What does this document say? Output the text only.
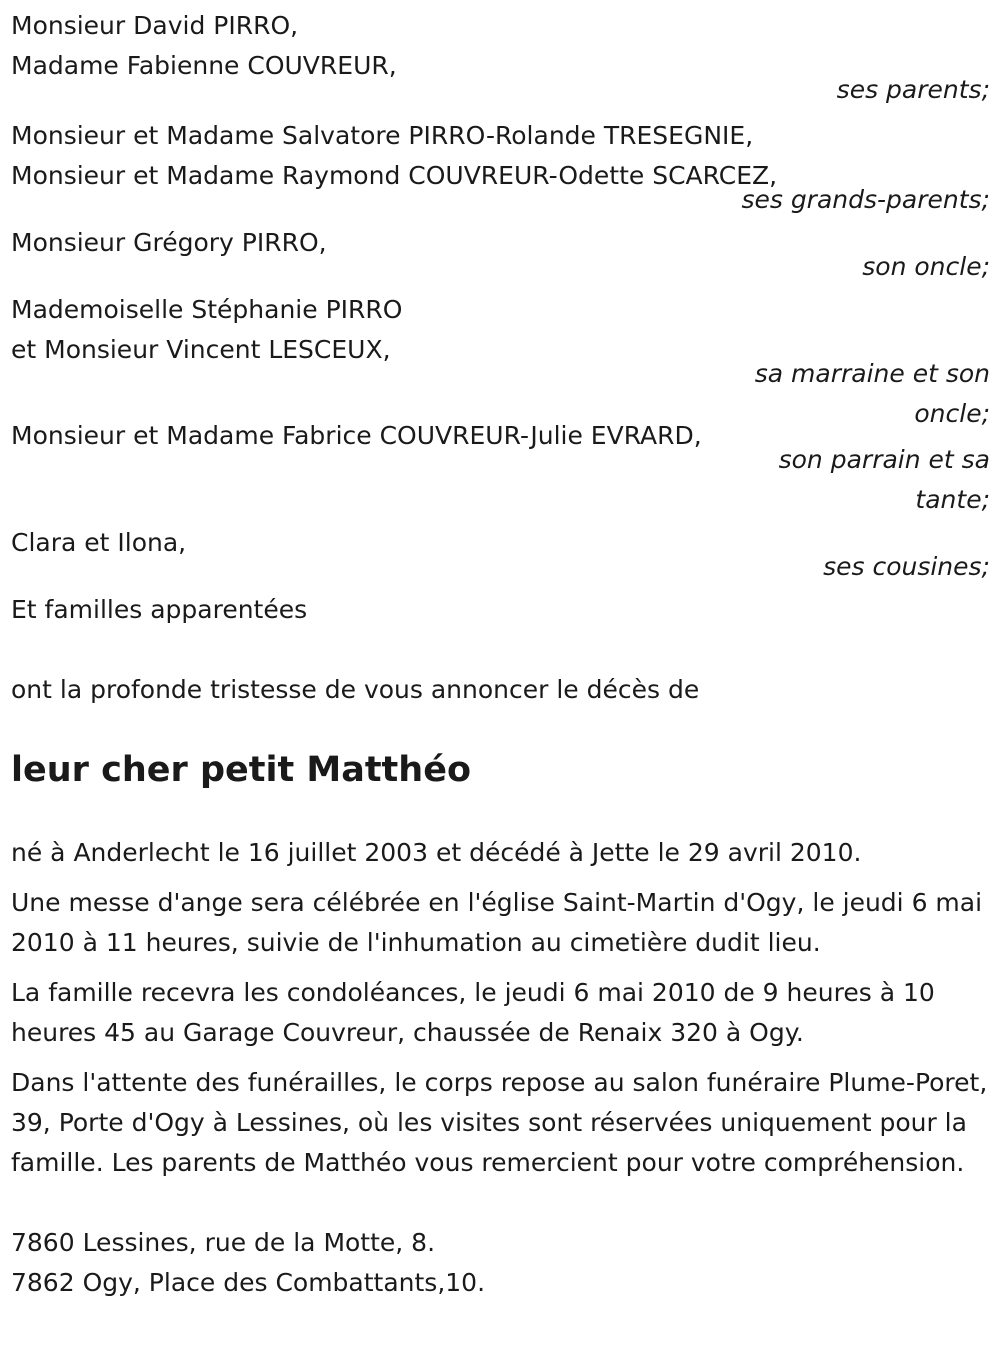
Monsieur David PIRRO,

Madame Fabienne COUVREUR,

ses parents;

Monsieur et Madame Salvatore PIRRO-Rolande TRESEGNIE,

Monsieur et Madame Raymond COUVREUR-Odette SCARCEZ,

ses grands-parents;

Monsieur Grégory PIRRO,

son oncle;

Mademoiselle Stéphanie PIRRO

et Monsieur Vincent LESCEUX,

sa marraine et son

oncle;

Monsieur et Madame Fabrice COUVREUR-Julie EVRARD,

son parrain et sa

tante;

Clara et Ilona,

ses cousines;

Et familles apparentées

ont la profonde tristesse de vous annoncer le décès de

leur cher petit Matthéo

né à Anderlecht le 16 juillet 2003 et décédé à Jette le 29 avril 2010.

Une messe d'ange sera célébrée en l'église Saint-Martin d'Ogy, le jeudi 6 mai 2010 à 11 heures, suivie de l'inhumation au cimetière dudit lieu.

La famille recevra les condoléances, le jeudi 6 mai 2010 de 9 heures à 10 heures 45 au Garage Couvreur, chaussée de Renaix 320 à Ogy.

Dans l'attente des funérailles, le corps repose au salon funéraire Plume-Poret, 39, Porte d'Ogy à Lessines, où les visites sont réservées uniquement pour la famille. Les parents de Matthéo vous remercient pour votre compréhension.

7860 Lessines, rue de la Motte, 8.

7862 Ogy, Place des Combattants,10.
